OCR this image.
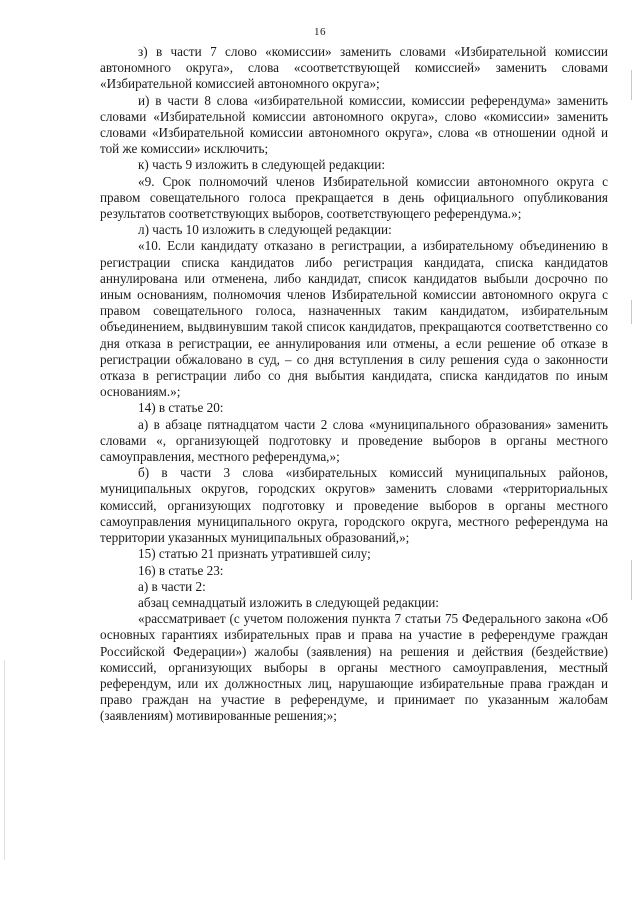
16

з) в части 7 слово «комиссии» заменить словами «Избирательной комиссии автономного округа», слова «соответствующей комиссией» заменить словами «Избирательной комиссией автономного округа»;

и) в части 8 слова «избирательной комиссии, комиссии референдума» заменить словами «Избирательной комиссии автономного округа», слово «комиссии» заменить словами «Избирательной комиссии автономного округа», слова «в отношении одной и той же комиссии» исключить;

к) часть 9 изложить в следующей редакции:

«9. Срок полномочий членов Избирательной комиссии автономного округа с правом совещательного голоса прекращается в день официального опубликования результатов соответствующих выборов, соответствующего референдума.»;

л) часть 10 изложить в следующей редакции:

«10. Если кандидату отказано в регистрации, а избирательному объединению в регистрации списка кандидатов либо регистрация кандидата, списка кандидатов аннулирована или отменена, либо кандидат, список кандидатов выбыли досрочно по иным основаниям, полномочия членов Избирательной комиссии автономного округа с правом совещательного голоса, назначенных таким кандидатом, избирательным объединением, выдвинувшим такой список кандидатов, прекращаются соответственно со дня отказа в регистрации, ее аннулирования или отмены, а если решение об отказе в регистрации обжаловано в суд, – со дня вступления в силу решения суда о законности отказа в регистрации либо со дня выбытия кандидата, списка кандидатов по иным основаниям.»;

14) в статье 20:

а) в абзаце пятнадцатом части 2 слова «муниципального образования» заменить словами «, организующей подготовку и проведение выборов в органы местного самоуправления, местного референдума,»;

б) в части 3 слова «избирательных комиссий муниципальных районов, муниципальных округов, городских округов» заменить словами «территориальных комиссий, организующих подготовку и проведение выборов в органы местного самоуправления муниципального округа, городского округа, местного референдума на территории указанных муниципальных образований,»;

15) статью 21 признать утратившей силу;

16) в статье 23:

а) в части 2:

абзац семнадцатый изложить в следующей редакции:

«рассматривает (с учетом положения пункта 7 статьи 75 Федерального закона «Об основных гарантиях избирательных прав и права на участие в референдуме граждан Российской Федерации») жалобы (заявления) на решения и действия (бездействие) комиссий, организующих выборы в органы местного самоуправления, местный референдум, или их должностных лиц, нарушающие избирательные права граждан и право граждан на участие в референдуме, и принимает по указанным жалобам (заявлениям) мотивированные решения;»;
